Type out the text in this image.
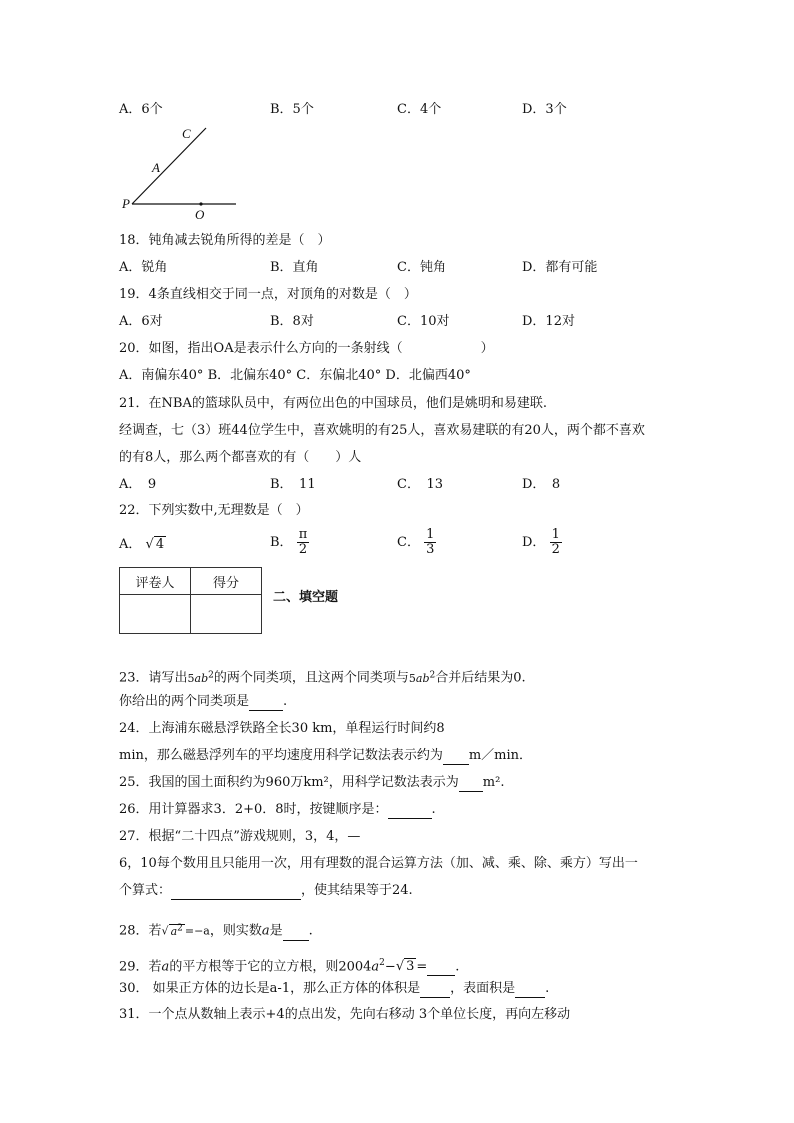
A．6个	B．5个	C．4个	D．3个
C
A
P
O
18．钝角减去锐角所得的差是（　）
A．锐角	B．直角	C．钝角	D．都有可能
19．4条直线相交于同一点，对顶角的对数是（　）
A．6对	B．8对	C．10对	D．12对
20．如图，指出OA是表示什么方向的一条射线（　　　　　　）
A．南偏东40° B．北偏东40° C．东偏北40° D．北偏西40°
21．在NBA的篮球队员中，有两位出色的中国球员，他们是姚明和易建联.
经调查，七（3）班44位学生中，喜欢姚明的有25人，喜欢易建联的有20人，两个都不喜欢
的有8人，那么两个都喜欢的有（　　）人
A．　9	B．　11	C．　13	D．　8
22．下列实数中,无理数是（　）
A． √ 4	B． $\frac{\pi}{2}$	C． $\frac{1}{3}$	D． $\frac{1}{2}$
评卷人	得分

二、填空题
23．请写出$5ab^2$的两个同类项，且这两个同类项与$5ab^2$合并后结果为0.
你给出的两个同类项是	.
24．上海浦东磁悬浮铁路全长30 km，单程运行时间约8
min，那么磁悬浮列车的平均速度用科学记数法表示约为 m／min．
25．我国的国土面积约为960万km²，用科学记数法表示为 m².
26．用计算器求3．2+0．8时，按键顺序是：	.
27．根据“二十四点”游戏规则，3，4，—
6，10每个数用且只能用一次，用有理数的混合运算方法（加、减、乘、除、乘方）写出一
个算式：	，使其结果等于24.
28．若√ $a^2 =-a$，则实数a是 .
29．若a的平方根等于它的立方根，则$2004a^2-√$ 3 = .
30． 如果正方体的边长是a-1，那么正方体的体积是 ，表面积是 .
31．一个点从数轴上表示+4的点出发，先向右移动 3个单位长度，再向左移动
